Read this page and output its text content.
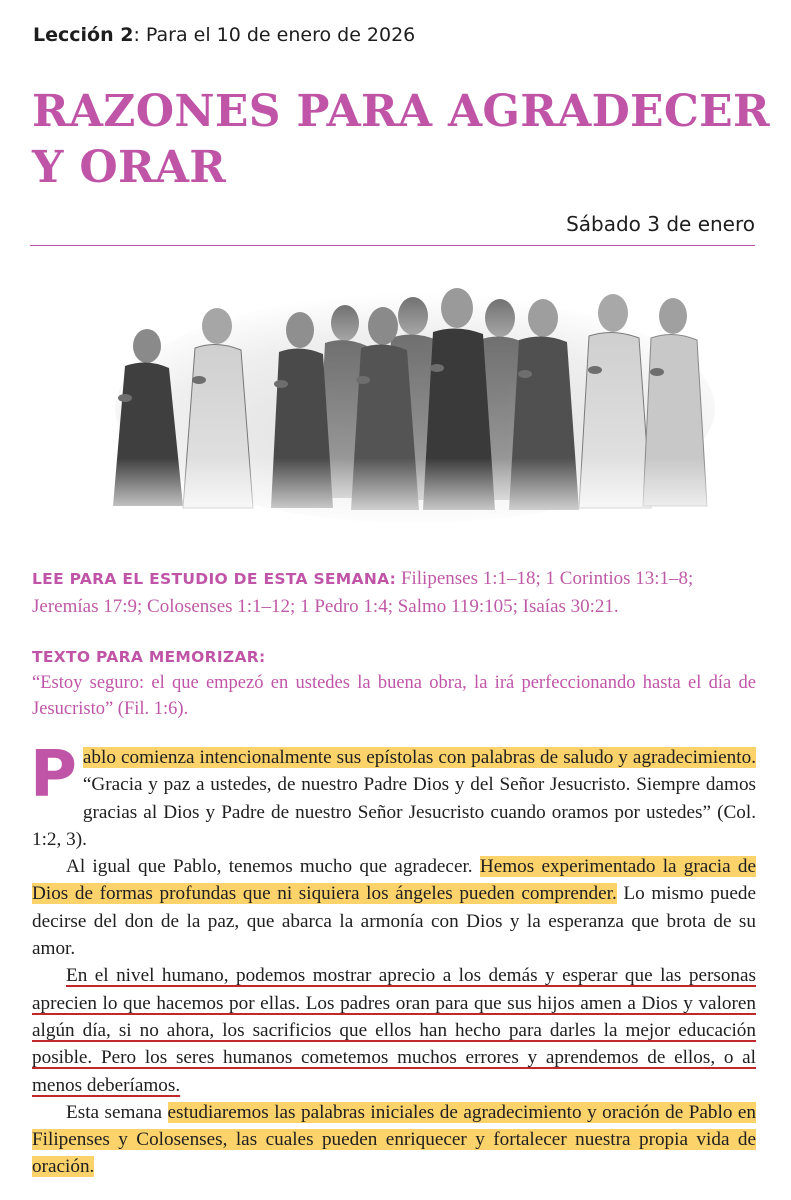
Lección 2: Para el 10 de enero de 2026
RAZONES PARA AGRADECER
Y ORAR
Sábado 3 de enero
LEE PARA EL ESTUDIO DE ESTA SEMANA: Filipenses 1:1–18; 1 Corintios 13:1–8; Jeremías 17:9; Colosenses 1:1–12; 1 Pedro 1:4; Salmo 119:105; Isaías 30:21.
TEXTO PARA MEMORIZAR:
“Estoy seguro: el que empezó en ustedes la buena obra, la irá perfeccionando hasta el día de Jesucristo” (Fil. 1:6).

Pablo comienza intencionalmente sus epístolas con palabras de saludo y agradecimiento. “Gracia y paz a ustedes, de nuestro Padre Dios y del Señor Jesucristo. Siempre damos gracias al Dios y Padre de nuestro Señor Jesucristo cuando oramos por ustedes” (Col. 1:2, 3).

Al igual que Pablo, tenemos mucho que agradecer. Hemos experimentado la gracia de Dios de formas profundas que ni siquiera los ángeles pueden comprender. Lo mismo puede decirse del don de la paz, que abarca la armonía con Dios y la esperanza que brota de su amor.

En el nivel humano, podemos mostrar aprecio a los demás y esperar que las personas aprecien lo que hacemos por ellas. Los padres oran para que sus hijos amen a Dios y valoren algún día, si no ahora, los sacrificios que ellos han hecho para darles la mejor educación posible. Pero los seres humanos cometemos muchos errores y aprendemos de ellos, o al menos deberíamos.

Esta semana estudiaremos las palabras iniciales de agradecimiento y oración de Pablo en Filipenses y Colosenses, las cuales pueden enriquecer y fortalecer nuestra propia vida de oración.
